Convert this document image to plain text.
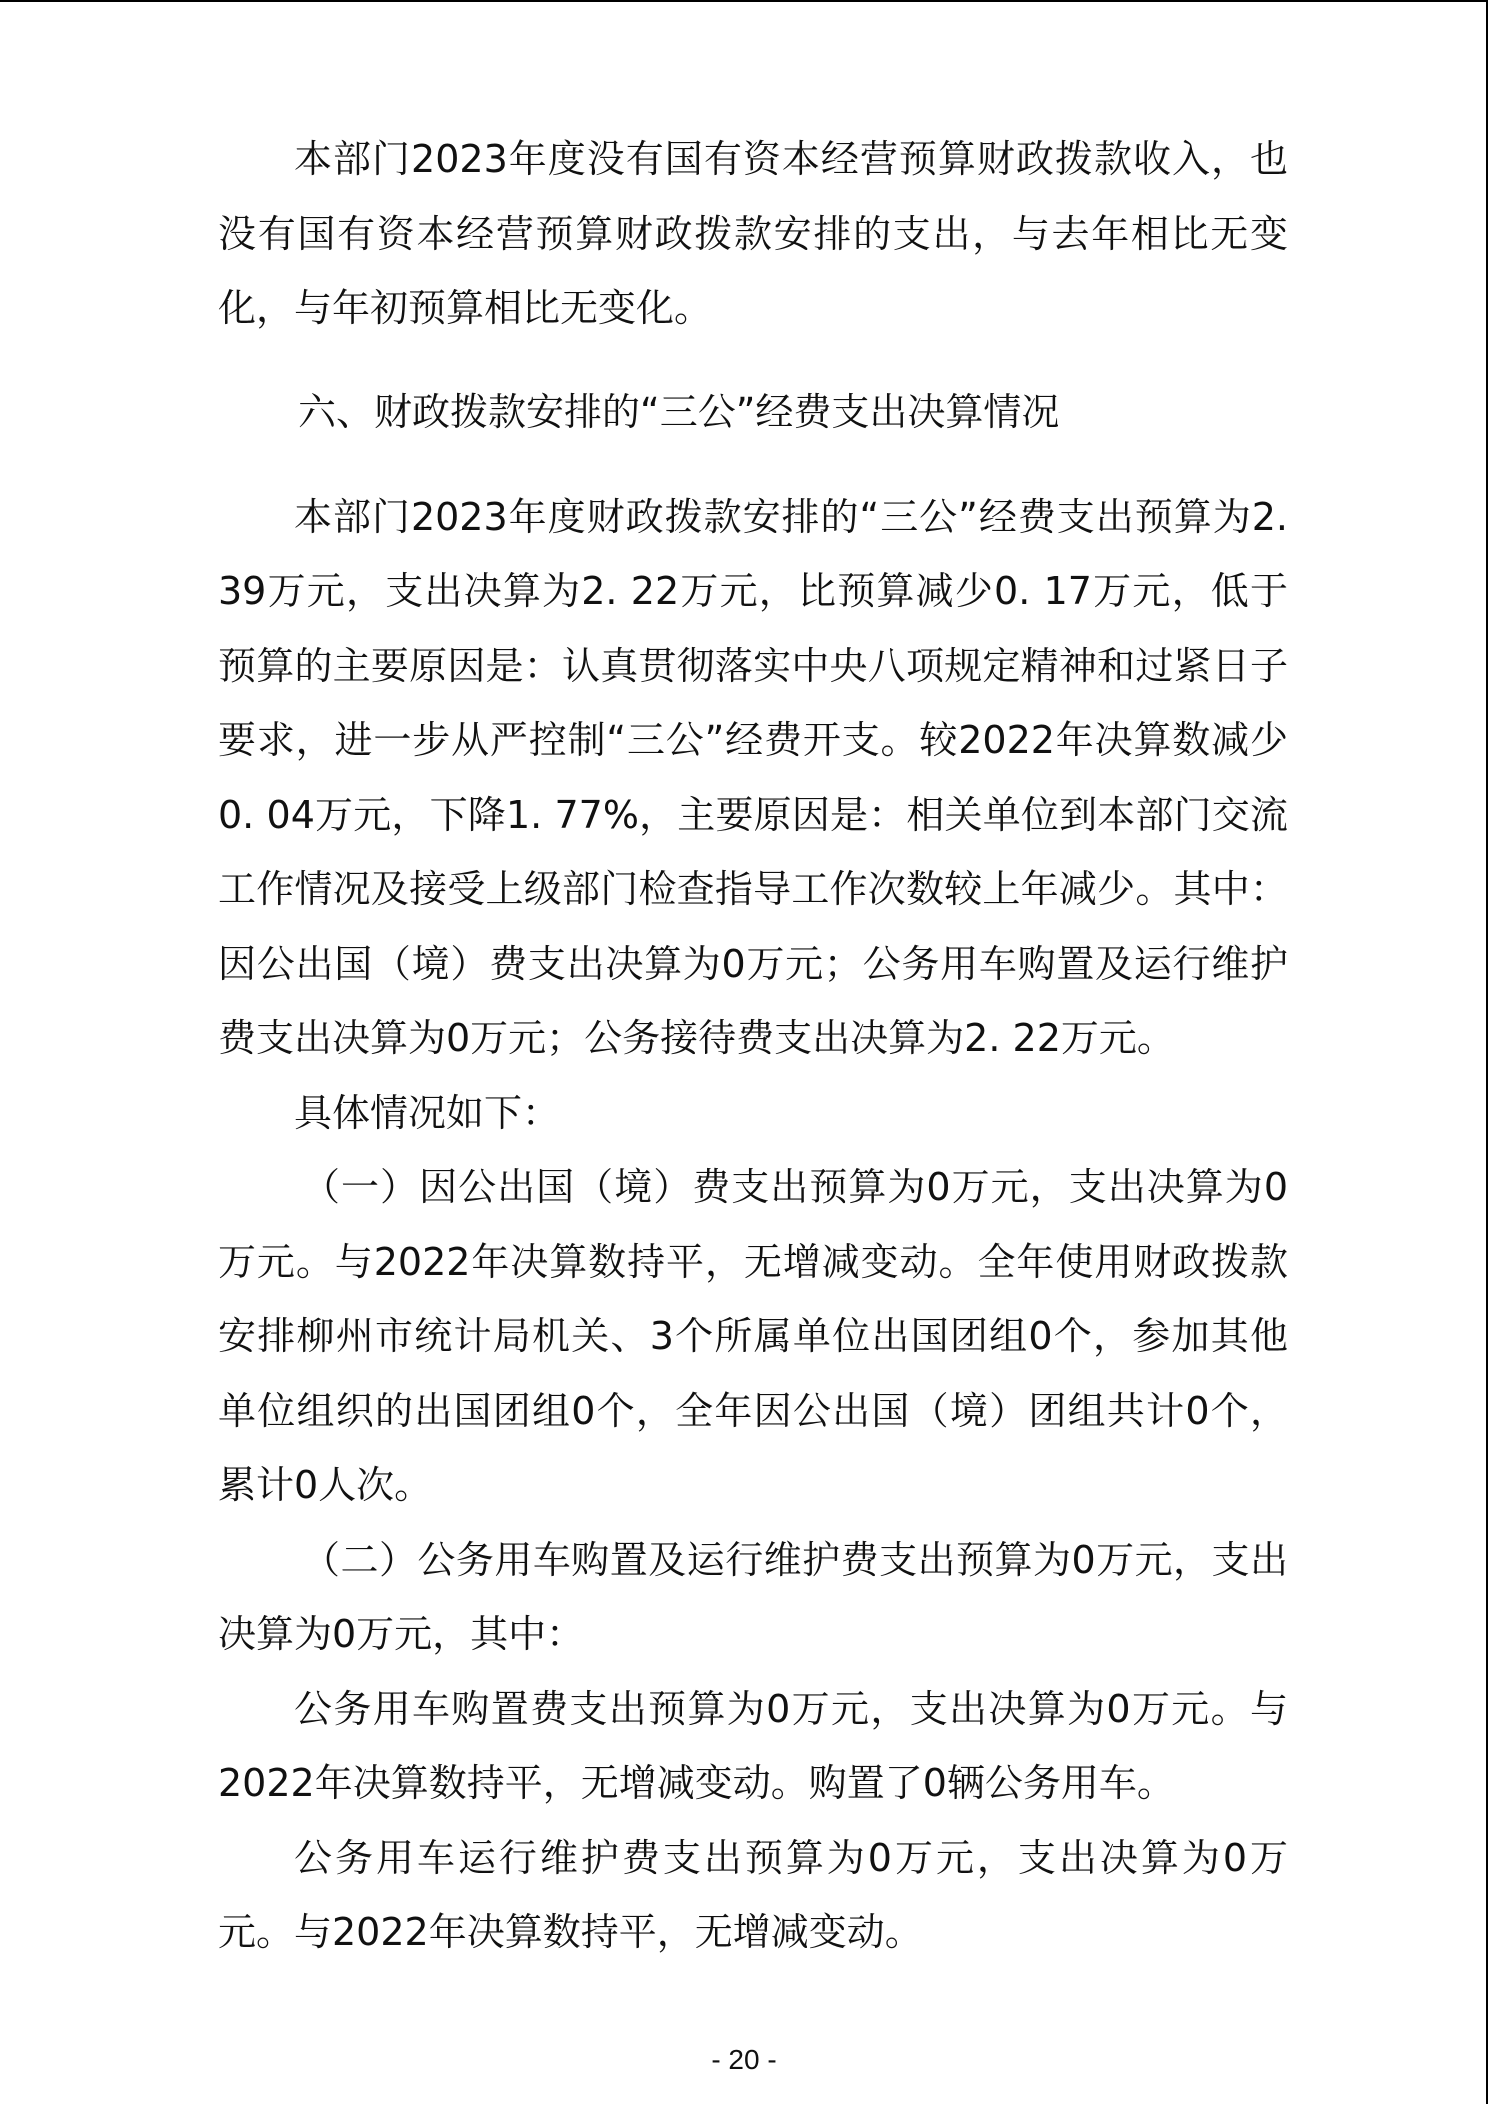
本部门2023年度没有国有资本经营预算财政拨款收入，也没有国有资本经营预算财政拨款安排的支出，与去年相比无变化，与年初预算相比无变化。

六、财政拨款安排的“三公”经费支出决算情况

本部门2023年度财政拨款安排的“三公”经费支出预算为2. 39万元，支出决算为2. 22万元，比预算减少0. 17万元，低于预算的主要原因是：认真贯彻落实中央八项规定精神和过紧日子要求，进一步从严控制“三公”经费开支。较2022年决算数减少0. 04万元，下降1. 77%，主要原因是：相关单位到本部门交流工作情况及接受上级部门检查指导工作次数较上年减少。其中：因公出国（境）费支出决算为0万元；公务用车购置及运行维护费支出决算为0万元；公务接待费支出决算为2. 22万元。

具体情况如下：

（一）因公出国（境）费支出预算为0万元，支出决算为0万元。与2022年决算数持平，无增减变动。全年使用财政拨款安排柳州市统计局机关、3个所属单位出国团组0个，参加其他单位组织的出国团组0个，全年因公出国（境）团组共计0个，累计0人次。

（二）公务用车购置及运行维护费支出预算为0万元，支出决算为0万元，其中：

公务用车购置费支出预算为0万元，支出决算为0万元。与2022年决算数持平，无增减变动。购置了0辆公务用车。

公务用车运行维护费支出预算为0万元，支出决算为0万元。与2022年决算数持平，无增减变动。

- 20 -
